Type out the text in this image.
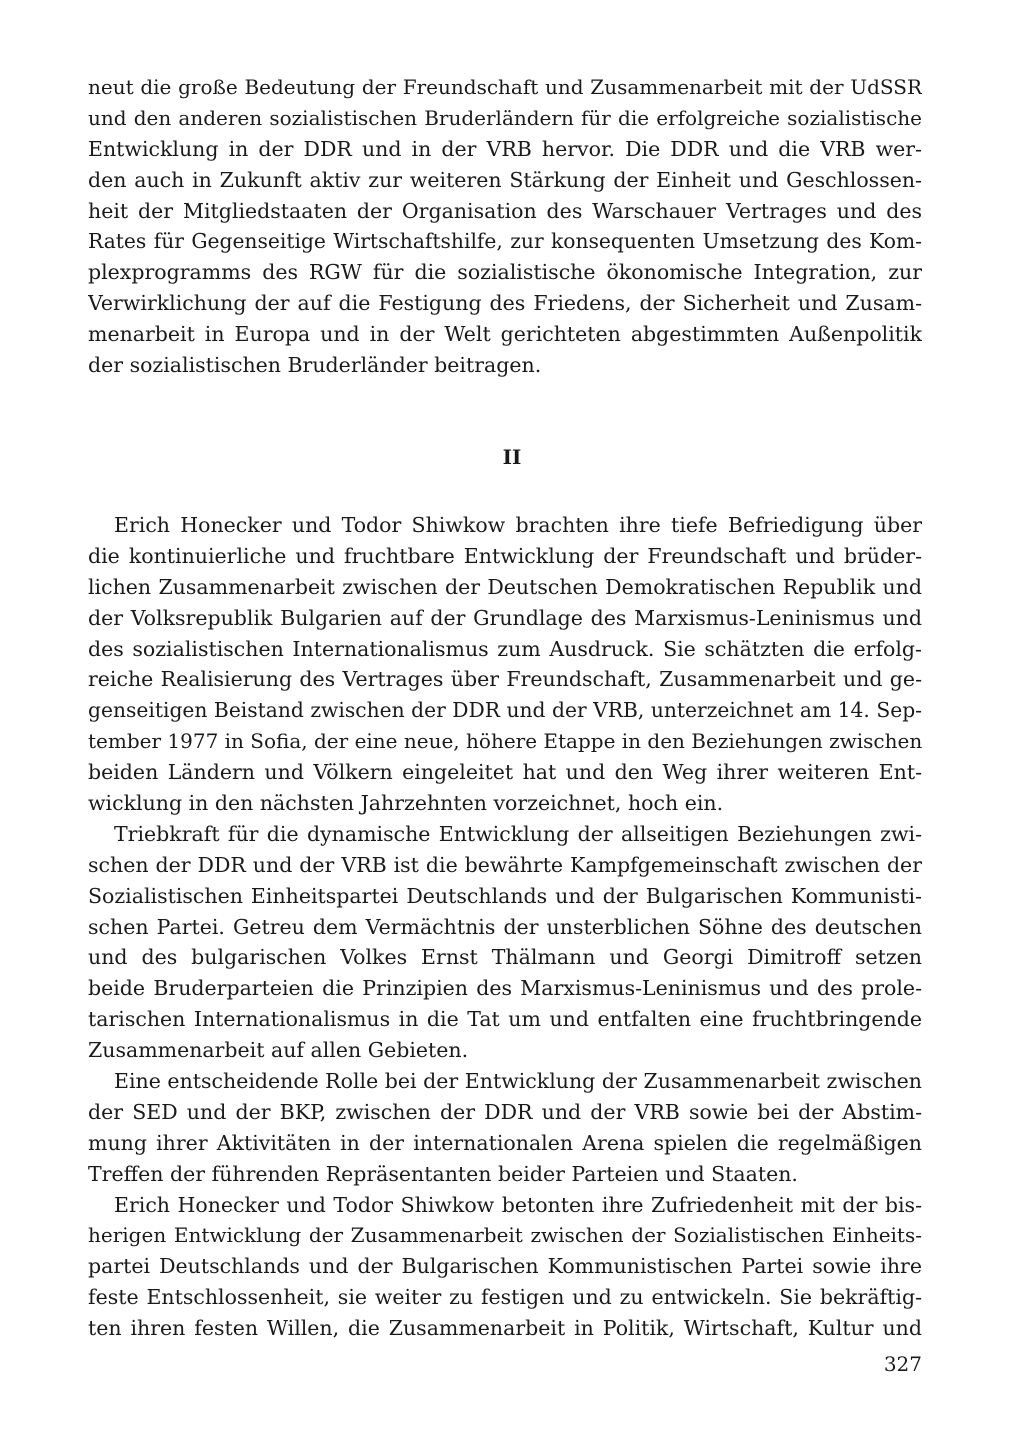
neut die große Bedeutung der Freundschaft und Zusammenarbeit mit der UdSSR
und den anderen sozialistischen Bruderländern für die erfolgreiche sozialistische
Entwicklung in der DDR und in der VRB hervor. Die DDR und die VRB wer-
den auch in Zukunft aktiv zur weiteren Stärkung der Einheit und Geschlossen-
heit der Mitgliedstaaten der Organisation des Warschauer Vertrages und des
Rates für Gegenseitige Wirtschaftshilfe, zur konsequenten Umsetzung des Kom-
plexprogramms des RGW für die sozialistische ökonomische Integration, zur
Verwirklichung der auf die Festigung des Friedens, der Sicherheit und Zusam-
menarbeit in Europa und in der Welt gerichteten abgestimmten Außenpolitik
der sozialistischen Bruderländer beitragen.
II
Erich Honecker und Todor Shiwkow brachten ihre tiefe Befriedigung über
die kontinuierliche und fruchtbare Entwicklung der Freundschaft und brüder-
lichen Zusammenarbeit zwischen der Deutschen Demokratischen Republik und
der Volksrepublik Bulgarien auf der Grundlage des Marxismus-Leninismus und
des sozialistischen Internationalismus zum Ausdruck. Sie schätzten die erfolg-
reiche Realisierung des Vertrages über Freundschaft, Zusammenarbeit und ge-
genseitigen Beistand zwischen der DDR und der VRB, unterzeichnet am 14. Sep-
tember 1977 in Sofia, der eine neue, höhere Etappe in den Beziehungen zwischen
beiden Ländern und Völkern eingeleitet hat und den Weg ihrer weiteren Ent-
wicklung in den nächsten Jahrzehnten vorzeichnet, hoch ein.
Triebkraft für die dynamische Entwicklung der allseitigen Beziehungen zwi-
schen der DDR und der VRB ist die bewährte Kampfgemeinschaft zwischen der
Sozialistischen Einheitspartei Deutschlands und der Bulgarischen Kommunisti-
schen Partei. Getreu dem Vermächtnis der unsterblichen Söhne des deutschen
und des bulgarischen Volkes Ernst Thälmann und Georgi Dimitroff setzen
beide Bruderparteien die Prinzipien des Marxismus-Leninismus und des prole-
tarischen Internationalismus in die Tat um und entfalten eine fruchtbringende
Zusammenarbeit auf allen Gebieten.
Eine entscheidende Rolle bei der Entwicklung der Zusammenarbeit zwischen
der SED und der BKP, zwischen der DDR und der VRB sowie bei der Abstim-
mung ihrer Aktivitäten in der internationalen Arena spielen die regelmäßigen
Treffen der führenden Repräsentanten beider Parteien und Staaten.
Erich Honecker und Todor Shiwkow betonten ihre Zufriedenheit mit der bis-
herigen Entwicklung der Zusammenarbeit zwischen der Sozialistischen Einheits-
partei Deutschlands und der Bulgarischen Kommunistischen Partei sowie ihre
feste Entschlossenheit, sie weiter zu festigen und zu entwickeln. Sie bekräftig-
ten ihren festen Willen, die Zusammenarbeit in Politik, Wirtschaft, Kultur und
327
